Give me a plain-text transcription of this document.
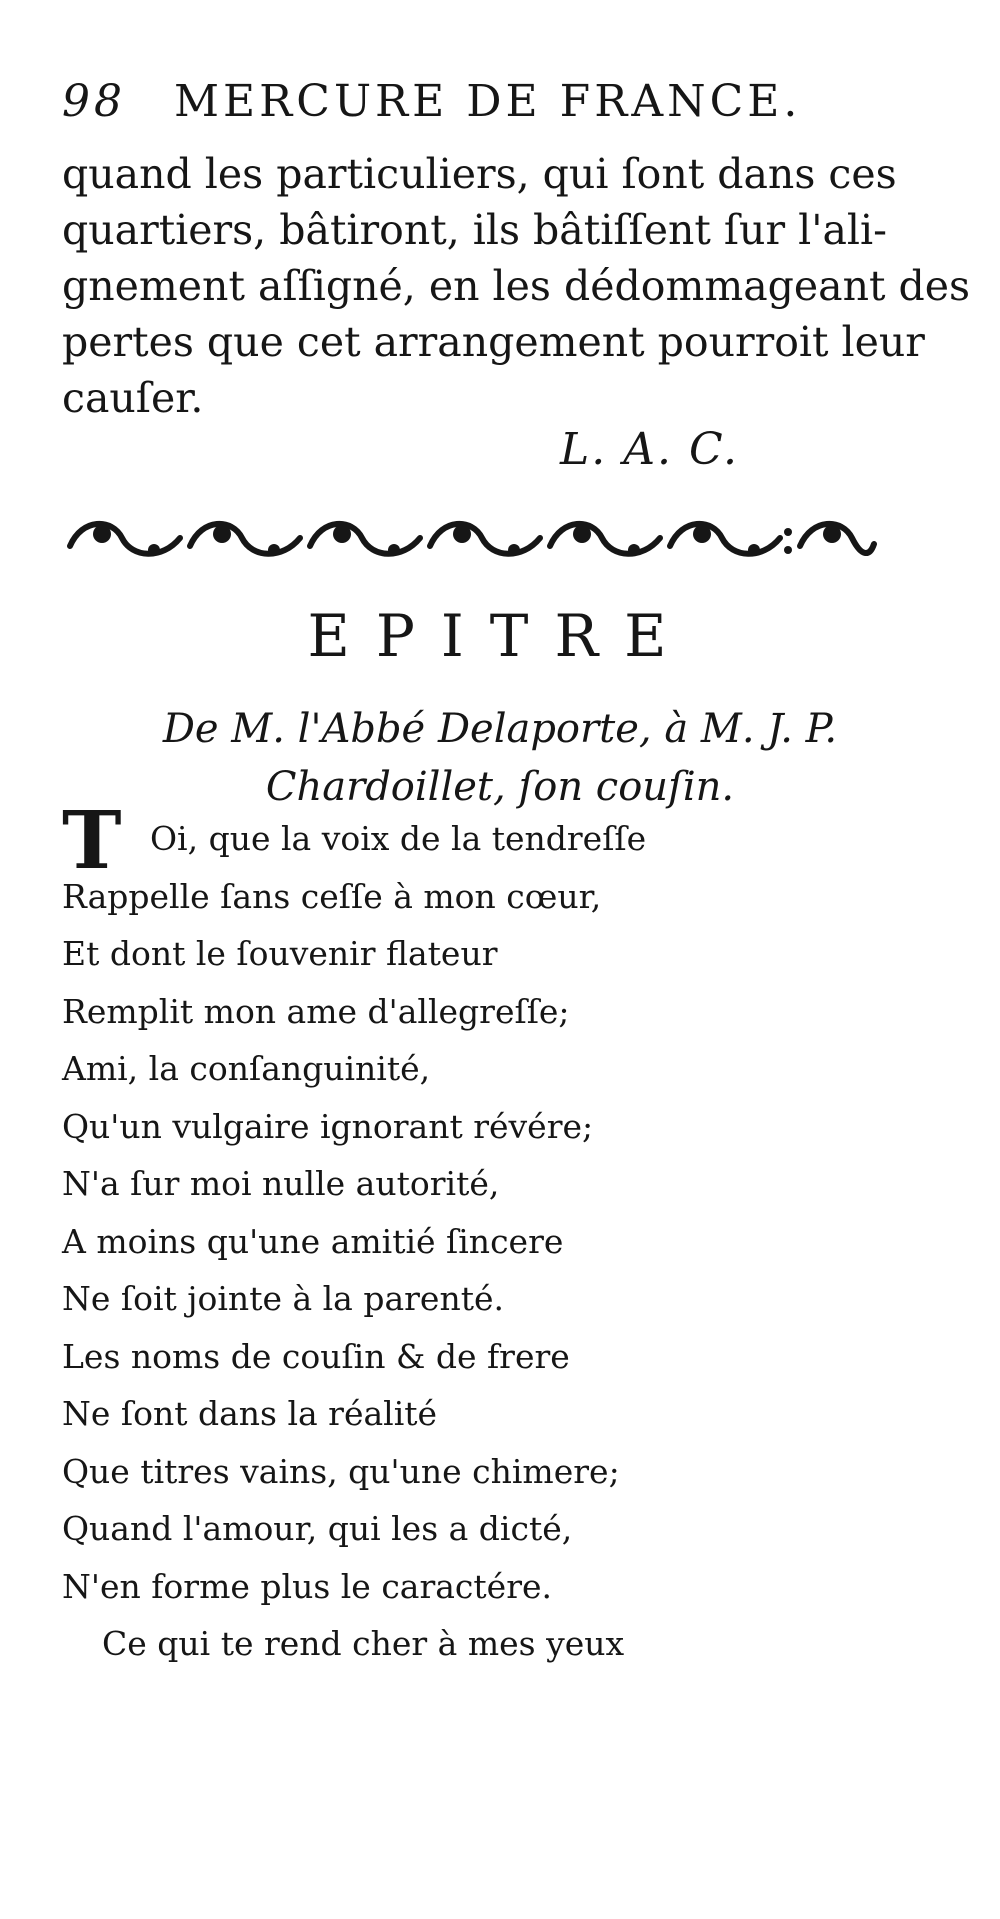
98 MERCURE DE FRANCE.
quand les particuliers, qui ſont dans ces
quartiers, bâtiront, ils bâtiſſent ſur l'ali-
gnement aſſigné, en les dédommageant des
pertes que cet arrangement pourroit leur
cauſer.
L. A. C.
EPITRE
De M. l'Abbé Delaporte, à M. J. P.
Chardoillet, ſon couſin.
T Oi, que la voix de la tendreſſe
Rappelle ſans ceſſe à mon cœur,
Et dont le ſouvenir flateur
Remplit mon ame d'allegreſſe;
Ami, la conſanguinité,
Qu'un vulgaire ignorant révére;
N'a ſur moi nulle autorité,
A moins qu'une amitié ſincere
Ne ſoit jointe à la parenté.
Les noms de couſin & de frere
Ne ſont dans la réalité
Que titres vains, qu'une chimere;
Quand l'amour, qui les a dicté,
N'en forme plus le caractére.
Ce qui te rend cher à mes yeux
